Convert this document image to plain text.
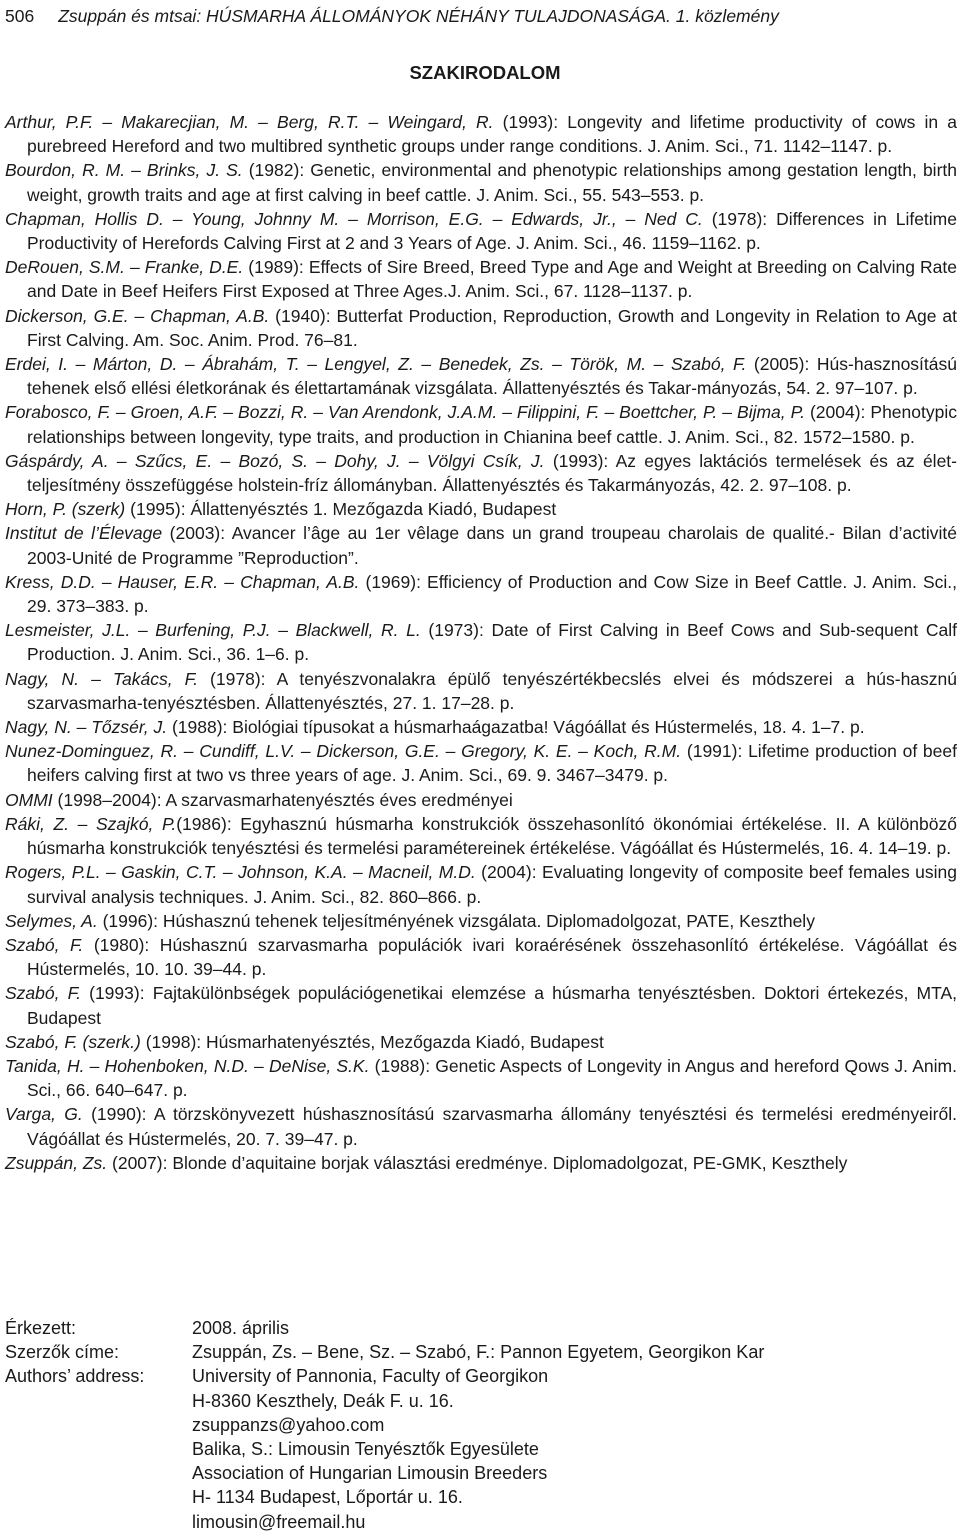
506 Zsuppán és mtsai: HÚSMARHA ÁLLOMÁNYOK NÉHÁNY TULAJDONASÁGA. 1. közlemény
SZAKIRODALOM

Arthur, P.F. – Makarecjian, M. – Berg, R.T. – Weingard, R. (1993): Longevity and lifetime productivity of cows in a purebreed Hereford and two multibred synthetic groups under range conditions. J. Anim. Sci., 71. 1142–1147. p.

Bourdon, R. M. – Brinks, J. S. (1982): Genetic, environmental and phenotypic relationships among gestation length, birth weight, growth traits and age at first calving in beef cattle. J. Anim. Sci., 55. 543–553. p.

Chapman, Hollis D. – Young, Johnny M. – Morrison, E.G. – Edwards, Jr., – Ned C. (1978): Differences in Lifetime Productivity of Herefords Calving First at 2 and 3 Years of Age. J. Anim. Sci., 46. 1159–1162. p.

DeRouen, S.M. – Franke, D.E. (1989): Effects of Sire Breed, Breed Type and Age and Weight at Breeding on Calving Rate and Date in Beef Heifers First Exposed at Three Ages.J. Anim. Sci., 67. 1128–1137. p.

Dickerson, G.E. – Chapman, A.B. (1940): Butterfat Production, Reproduction, Growth and Longevity in Relation to Age at First Calving. Am. Soc. Anim. Prod. 76–81.

Erdei, I. – Márton, D. – Ábrahám, T. – Lengyel, Z. – Benedek, Zs. – Török, M. – Szabó, F. (2005): Hús-hasznosítású tehenek első ellési életkorának és élettartamának vizsgálata. Állattenyésztés és Takar-mányozás, 54. 2. 97–107. p.

Forabosco, F. – Groen, A.F. – Bozzi, R. – Van Arendonk, J.A.M. – Filippini, F. – Boettcher, P. – Bijma, P. (2004): Phenotypic relationships between longevity, type traits, and production in Chianina beef cattle. J. Anim. Sci., 82. 1572–1580. p.

Gáspárdy, A. – Szűcs, E. – Bozó, S. – Dohy, J. – Völgyi Csík, J. (1993): Az egyes laktációs termelések és az élet-teljesítmény összefüggése holstein-fríz állományban. Állattenyésztés és Takarmányozás, 42. 2. 97–108. p.

Horn, P. (szerk) (1995): Állattenyésztés 1. Mezőgazda Kiadó, Budapest

Institut de l’Élevage (2003): Avancer l’âge au 1er vêlage dans un grand troupeau charolais de qualité.- Bilan d’activité 2003-Unité de Programme ”Reproduction”.

Kress, D.D. – Hauser, E.R. – Chapman, A.B. (1969): Efficiency of Production and Cow Size in Beef Cattle. J. Anim. Sci., 29. 373–383. p.

Lesmeister, J.L. – Burfening, P.J. – Blackwell, R. L. (1973): Date of First Calving in Beef Cows and Sub-sequent Calf Production. J. Anim. Sci., 36. 1–6. p.

Nagy, N. – Takács, F. (1978): A tenyészvonalakra épülő tenyészértékbecslés elvei és módszerei a hús-hasznú szarvasmarha-tenyésztésben. Állattenyésztés, 27. 1. 17–28. p.

Nagy, N. – Tőzsér, J. (1988): Biológiai típusokat a húsmarhaágazatba! Vágóállat és Hústermelés, 18. 4. 1–7. p.

Nunez-Dominguez, R. – Cundiff, L.V. – Dickerson, G.E. – Gregory, K. E. – Koch, R.M. (1991): Lifetime production of beef heifers calving first at two vs three years of age. J. Anim. Sci., 69. 9. 3467–3479. p.

OMMI (1998–2004): A szarvasmarhatenyésztés éves eredményei

Ráki, Z. – Szajkó, P.(1986): Egyhasznú húsmarha konstrukciók összehasonlító ökonómiai értékelése. II. A különböző húsmarha konstrukciók tenyésztési és termelési paramétereinek értékelése. Vágóállat és Hústermelés, 16. 4. 14–19. p.

Rogers, P.L. – Gaskin, C.T. – Johnson, K.A. – Macneil, M.D. (2004): Evaluating longevity of composite beef females using survival analysis techniques. J. Anim. Sci., 82. 860–866. p.

Selymes, A. (1996): Húshasznú tehenek teljesítményének vizsgálata. Diplomadolgozat, PATE, Keszthely

Szabó, F. (1980): Húshasznú szarvasmarha populációk ivari koraérésének összehasonlító értékelése. Vágóállat és Hústermelés, 10. 10. 39–44. p.

Szabó, F. (1993): Fajtakülönbségek populációgenetikai elemzése a húsmarha tenyésztésben. Doktori értekezés, MTA, Budapest

Szabó, F. (szerk.) (1998): Húsmarhatenyésztés, Mezőgazda Kiadó, Budapest

Tanida, H. – Hohenboken, N.D. – DeNise, S.K. (1988): Genetic Aspects of Longevity in Angus and hereford Qows J. Anim. Sci., 66. 640–647. p.

Varga, G. (1990): A törzskönyvezett húshasznosítású szarvasmarha állomány tenyésztési és termelési eredményeiről. Vágóállat és Hústermelés, 20. 7. 39–47. p.

Zsuppán, Zs. (2007): Blonde d’aquitaine borjak választási eredménye. Diplomadolgozat, PE-GMK, Keszthely

Érkezett:	2008. április
Szerzők címe:
Authors’ address:
Zsuppán, Zs. – Bene, Sz. – Szabó, F.: Pannon Egyetem, Georgikon Kar
University of Pannonia, Faculty of Georgikon
H-8360 Keszthely, Deák F. u. 16.
zsuppanzs@yahoo.com
Balika, S.: Limousin Tenyésztők Egyesülete
Association of Hungarian Limousin Breeders
H- 1134 Budapest, Lőportár u. 16.
limousin@freemail.hu
